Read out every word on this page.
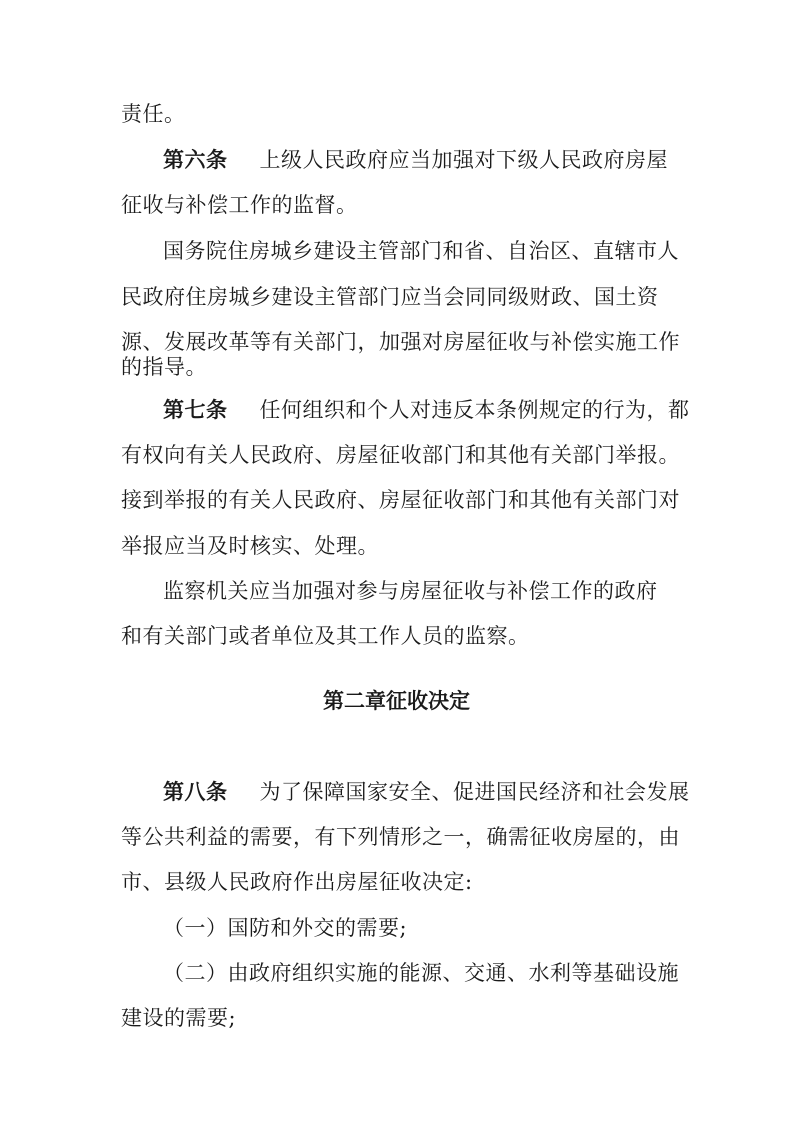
责任。
第六条 上级人民政府应当加强对下级人民政府房屋
征收与补偿工作的监督。
国务院住房城乡建设主管部门和省、自治区、直辖市人
民政府住房城乡建设主管部门应当会同同级财政、国土资
源、发展改革等有关部门，加强对房屋征收与补偿实施工作
的指导。
第七条 任何组织和个人对违反本条例规定的行为，都
有权向有关人民政府、房屋征收部门和其他有关部门举报。
接到举报的有关人民政府、房屋征收部门和其他有关部门对
举报应当及时核实、处理。
监察机关应当加强对参与房屋征收与补偿工作的政府
和有关部门或者单位及其工作人员的监察。
第二章征收决定
第八条 为了保障国家安全、促进国民经济和社会发展
等公共利益的需要，有下列情形之一，确需征收房屋的，由
市、县级人民政府作出房屋征收决定:
（一）国防和外交的需要;
（二）由政府组织实施的能源、交通、水利等基础设施
建设的需要;
